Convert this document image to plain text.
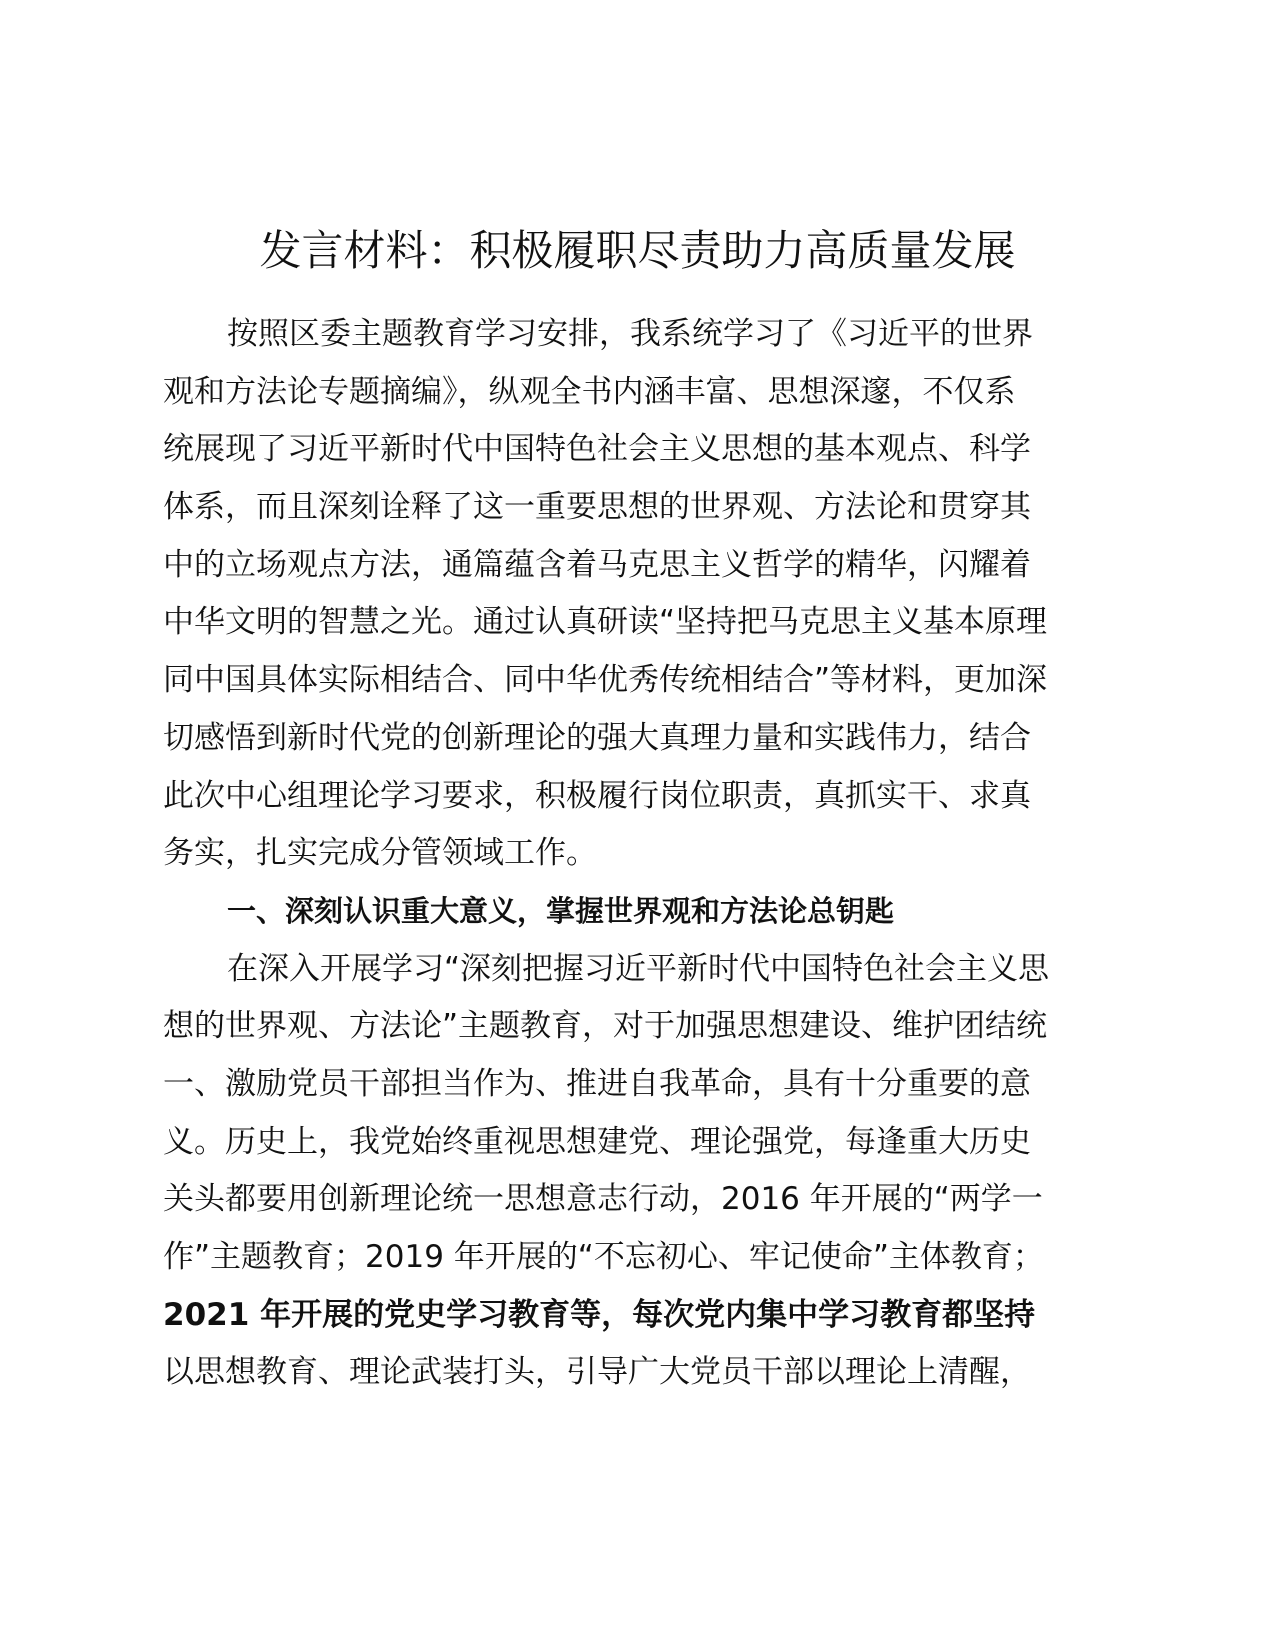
发言材料：积极履职尽责助力高质量发展
按照区委主题教育学习安排，我系统学习了《习近平的世界
观和方法论专题摘编》，纵观全书内涵丰富、思想深邃，不仅系
统展现了习近平新时代中国特色社会主义思想的基本观点、科学
体系，而且深刻诠释了这一重要思想的世界观、方法论和贯穿其
中的立场观点方法，通篇蕴含着马克思主义哲学的精华，闪耀着
中华文明的智慧之光。通过认真研读“坚持把马克思主义基本原理
同中国具体实际相结合、同中华优秀传统相结合”等材料，更加深
切感悟到新时代党的创新理论的强大真理力量和实践伟力，结合
此次中心组理论学习要求，积极履行岗位职责，真抓实干、求真
务实，扎实完成分管领域工作。
一、深刻认识重大意义，掌握世界观和方法论总钥匙
在深入开展学习“深刻把握习近平新时代中国特色社会主义思
想的世界观、方法论”主题教育，对于加强思想建设、维护团结统
一、激励党员干部担当作为、推进自我革命，具有十分重要的意
义。历史上，我党始终重视思想建党、理论强党，每逢重大历史
关头都要用创新理论统一思想意志行动，2016 年开展的“两学一
作”主题教育；2019 年开展的“不忘初心、牢记使命”主体教育；
2021 年开展的党史学习教育等，每次党内集中学习教育都坚持
以思想教育、理论武装打头，引导广大党员干部以理论上清醒，
